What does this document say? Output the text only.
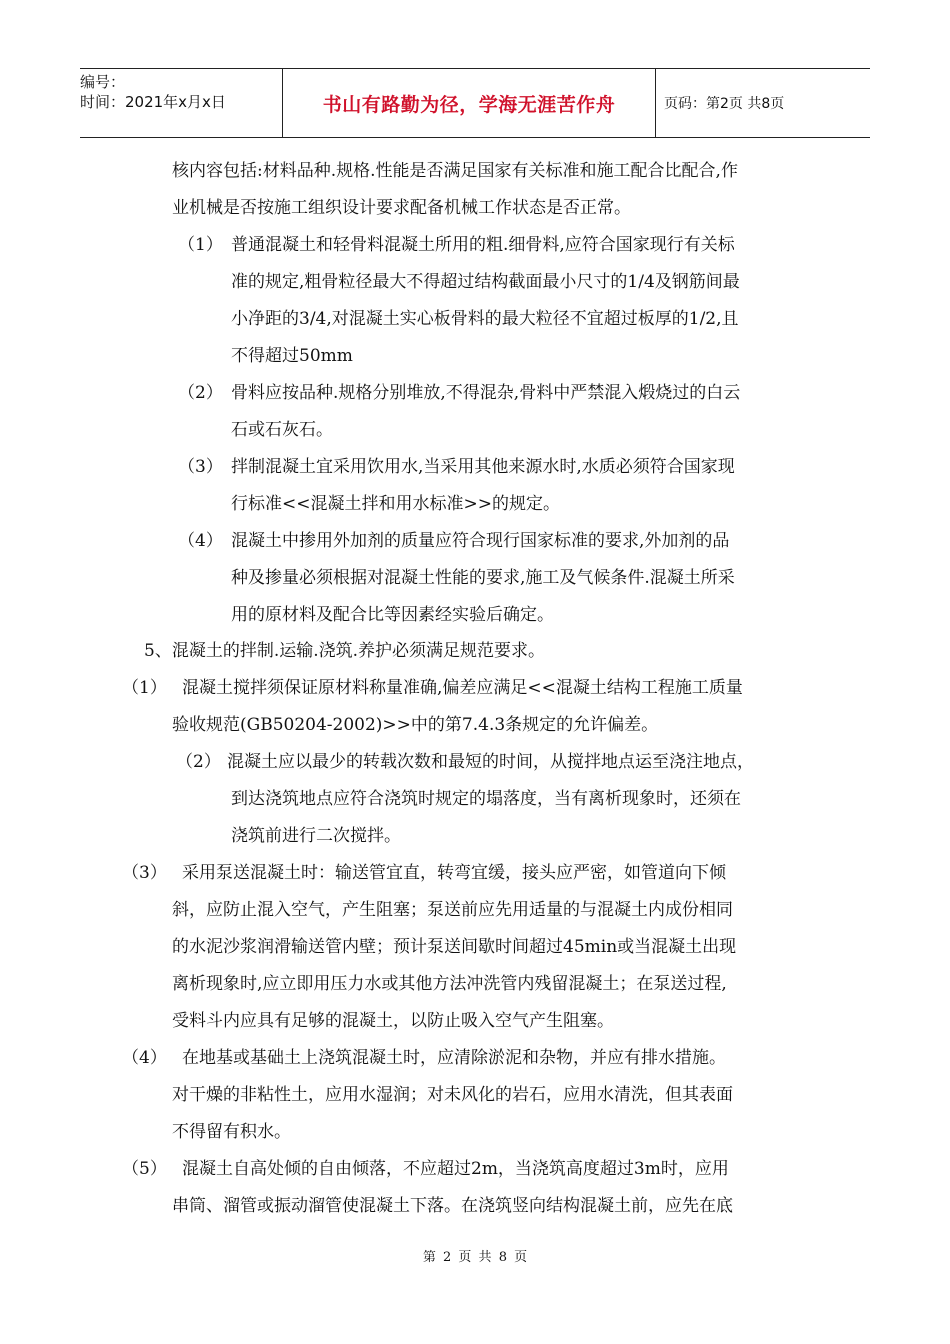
编号：
时间：2021年x月x日	书山有路勤为径，学海无涯苦作舟	页码：第2页 共8页
核内容包括:材料品种.规格.性能是否满足国家有关标准和施工配合比配合,作
业机械是否按施工组织设计要求配备机械工作状态是否正常。
（1） 普通混凝土和轻骨料混凝土所用的粗.细骨料,应符合国家现行有关标
准的规定,粗骨粒径最大不得超过结构截面最小尺寸的1/4及钢筋间最
小净距的3/4,对混凝土实心板骨料的最大粒径不宜超过板厚的1/2,且
不得超过50mm
（2） 骨料应按品种.规格分别堆放,不得混杂,骨料中严禁混入煅烧过的白云
石或石灰石。
（3） 拌制混凝土宜采用饮用水,当采用其他来源水时,水质必须符合国家现
行标准<<混凝土拌和用水标准>>的规定。
（4） 混凝土中掺用外加剂的质量应符合现行国家标准的要求,外加剂的品
种及掺量必须根据对混凝土性能的要求,施工及气候条件.混凝土所采
用的原材料及配合比等因素经实验后确定。
5、混凝土的拌制.运输.浇筑.养护必须满足规范要求。
（1） 混凝土搅拌须保证原材料称量准确,偏差应满足<<混凝土结构工程施工质量
验收规范(GB50204-2002)>>中的第7.4.3条规定的允许偏差。
（2） 混凝土应以最少的转载次数和最短的时间，从搅拌地点运至浇注地点，
到达浇筑地点应符合浇筑时规定的塌落度，当有离析现象时，还须在
浇筑前进行二次搅拌。
（3） 采用泵送混凝土时：输送管宜直，转弯宜缓，接头应严密，如管道向下倾
斜，应防止混入空气，产生阻塞；泵送前应先用适量的与混凝土内成份相同
的水泥沙浆润滑输送管内壁；预计泵送间歇时间超过45min或当混凝土出现
离析现象时,应立即用压力水或其他方法冲洗管内残留混凝土；在泵送过程,
受料斗内应具有足够的混凝土，以防止吸入空气产生阻塞。
（4） 在地基或基础土上浇筑混凝土时，应清除淤泥和杂物，并应有排水措施。
对干燥的非粘性土，应用水湿润；对未风化的岩石，应用水清洗，但其表面
不得留有积水。
（5） 混凝土自高处倾的自由倾落，不应超过2m，当浇筑高度超过3m时，应用
串筒、溜管或振动溜管使混凝土下落。在浇筑竖向结构混凝土前，应先在底
第 2 页 共 8 页
